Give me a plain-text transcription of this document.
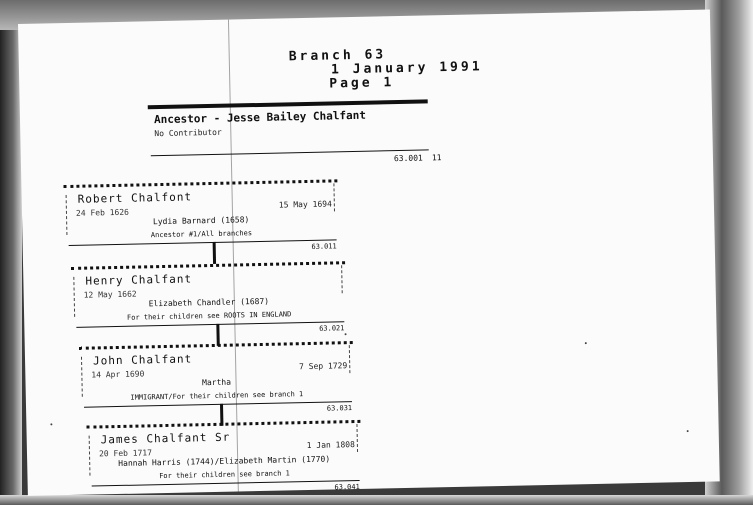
Branch 63
1 January 1991
Page 1
Ancestor - Jesse Bailey Chalfant
No Contributor
63.001 11
Robert Chalfont
24 Feb 1626
15 May 1694
Lydia Barnard (1658)
Ancestor #1/All branches
63.011
Henry Chalfant
12 May 1662
Elizabeth Chandler (1687)
For their children see ROOTS IN ENGLAND
63.021
John Chalfant
14 Apr 1690
7 Sep 1729
Martha
IMMIGRANT/For their children see branch 1
63.031
James Chalfant Sr
20 Feb 1717
1 Jan 1808
Hannah Harris (1744)/Elizabeth Martin (1770)
For their children see branch 1
63.041
